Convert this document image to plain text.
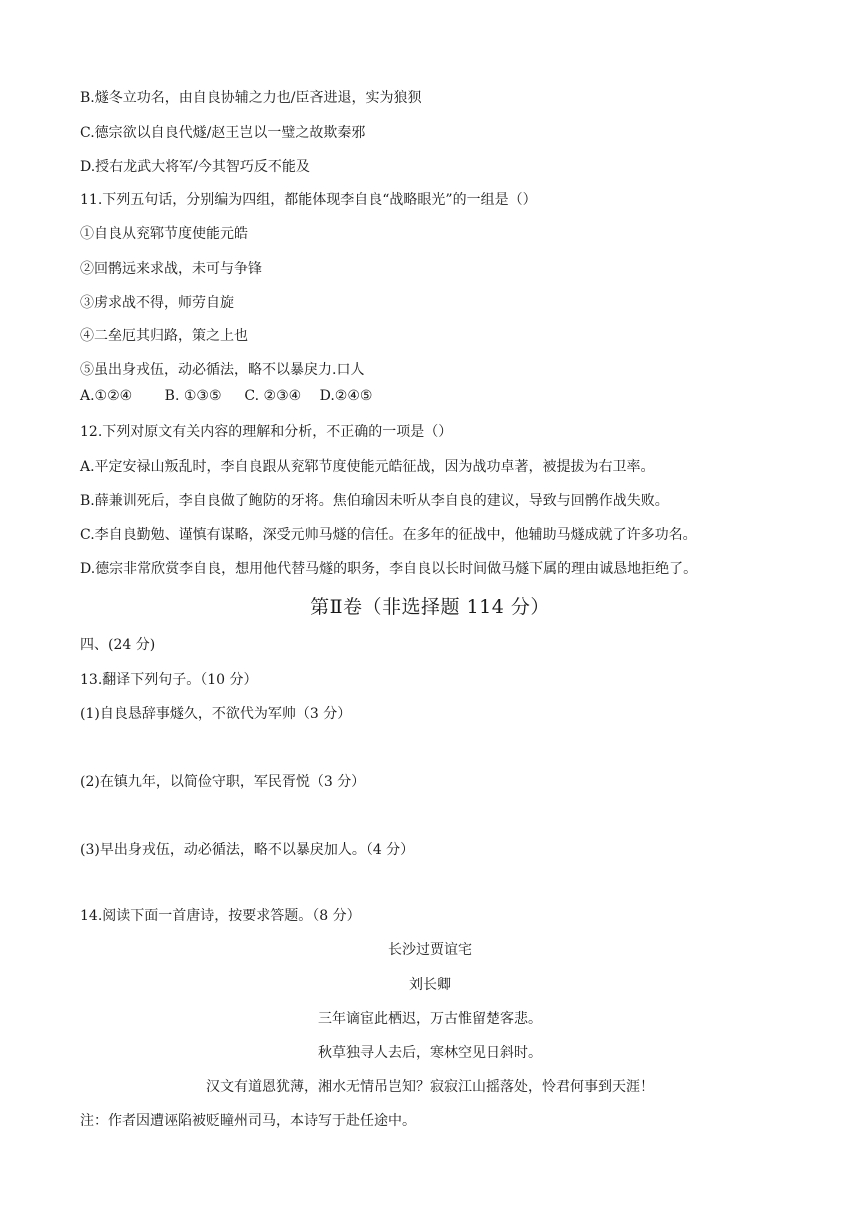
B.燧冬立功名，由自良协辅之力也/臣吝进退，实为狼狈
C.德宗欲以自良代燧/赵王岂以一璧之故欺秦邪
D.授右龙武大将军/今其智巧反不能及
11.下列五句话，分别编为四组，都能体现李自良“战略眼光”的一组是（）
①自良从兖郓节度使能元皓
②回鹘远来求战，未可与争锋
③虏求战不得，师劳自旋
④二垒厄其归路，策之上也
⑤虽出身戎伍，动必循法，略不以暴戾力.口人
A.①②④　　 B. ①③⑤ 　 C. ②③④　 D.②④⑤
12.下列对原文有关内容的理解和分析，不正确的一项是（）
A.平定安禄山叛乱时，李自良跟从兖郓节度使能元皓征战，因为战功卓著，被提拔为右卫率。
B.薛兼训死后，李自良做了鲍防的牙将。焦伯瑜因未听从李自良的建议，导致与回鹘作战失败。
C.李自良勤勉、谨慎有谋略，深受元帅马燧的信任。在多年的征战中，他辅助马燧成就了许多功名。
D.德宗非常欣赏李自良，想用他代替马燧的职务，李自良以长时间做马燧下属的理由诚恳地拒绝了。
第Ⅱ卷（非选择题 114 分）
四、(24 分)
13.翻译下列句子。（10 分）
(1)自良恳辞事燧久，不欲代为军帅（3 分）
(2)在镇九年，以简俭守职，军民胥悦（3 分）
(3)早出身戎伍，动必循法，略不以暴戾加人。（4 分）
14.阅读下面一首唐诗，按要求答题。（8 分）
长沙过贾谊宅
刘长卿
三年谪宦此栖迟，万古惟留楚客悲。
秋草独寻人去后，寒林空见日斜时。
汉文有道恩犹薄，湘水无情吊岂知？寂寂江山摇落处，怜君何事到天涯！
注：作者因遭诬陷被贬瞳州司马，本诗写于赴任途中。
